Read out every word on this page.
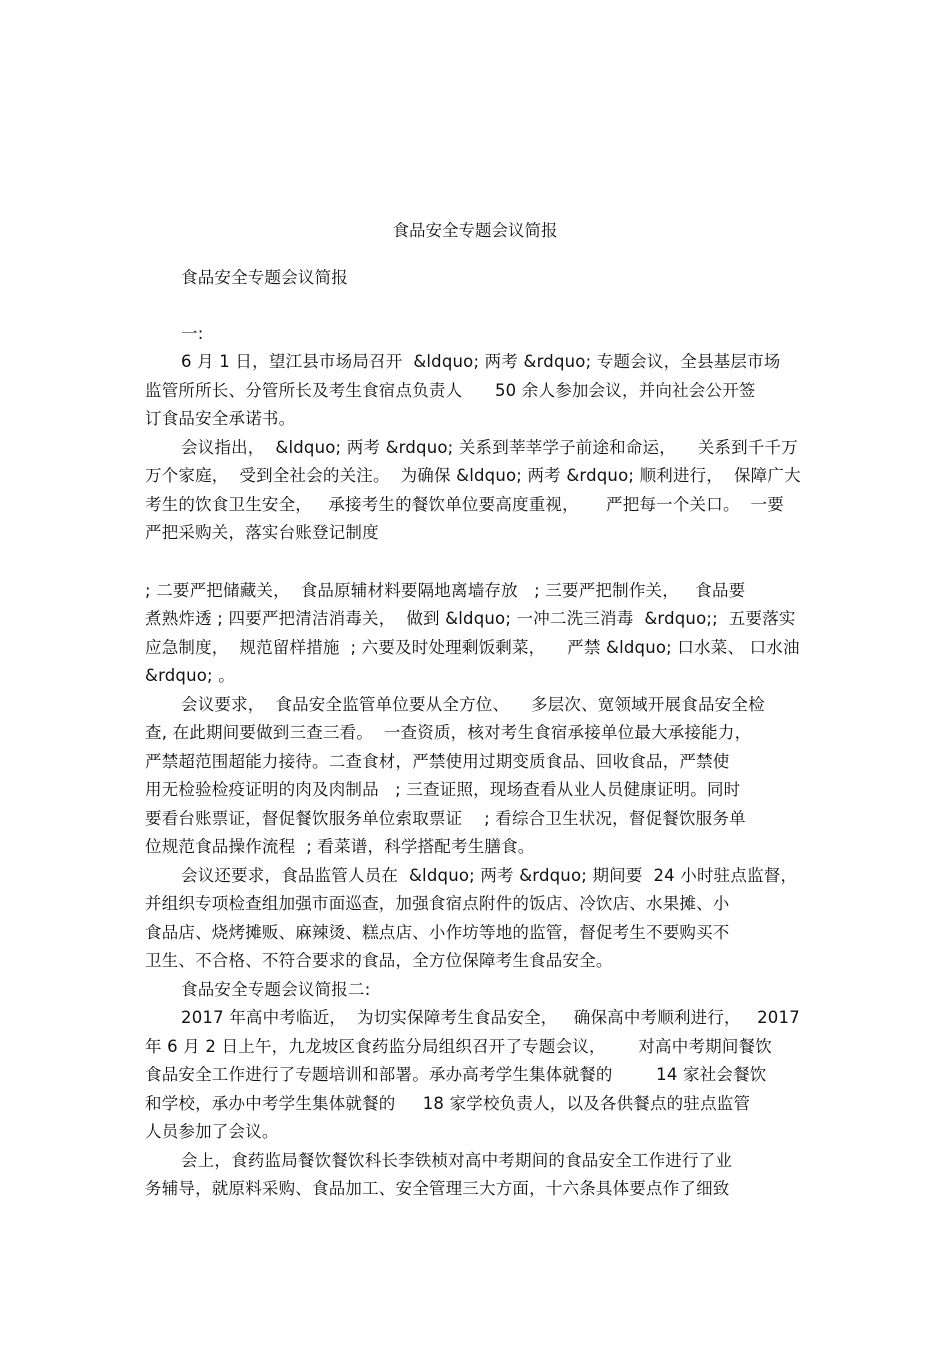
食品安全专题会议简报
食品安全专题会议简报
一:
6 月 1 日，望江县市场局召开  &ldquo; 两考 &rdquo; 专题会议，全县基层市场
监管所所长、分管所长及考生食宿点负责人      50 余人参加会议，并向社会公开签
订食品安全承诺书。
会议指出，  &ldquo; 两考 &rdquo; 关系到莘莘学子前途和命运，    关系到千千万
万个家庭，  受到全社会的关注。  为确保 &ldquo; 两考 &rdquo; 顺利进行，  保障广大
考生的饮食卫生安全，   承接考生的餐饮单位要高度重视，     严把每一个关口。  一要
严把采购关，落实台账登记制度
; 二要严把储藏关，  食品原辅材料要隔地离墙存放   ; 三要严把制作关，   食品要
煮熟炸透 ; 四要严把清洁消毒关，  做到 &ldquo; 一冲二洗三消毒  &rdquo;;  五要落实
应急制度，  规范留样措施  ; 六要及时处理剩饭剩菜，    严禁 &ldquo; 口水菜、 口水油
&rdquo; 。
会议要求，  食品安全监管单位要从全方位、    多层次、宽领域开展食品安全检
查, 在此期间要做到三查三看。  一查资质，核对考生食宿承接单位最大承接能力，
严禁超范围超能力接待。二查食材，严禁使用过期变质食品、回收食品，严禁使
用无检验检疫证明的肉及肉制品   ; 三查证照，现场查看从业人员健康证明。同时
要看台账票证，督促餐饮服务单位索取票证    ; 看综合卫生状况，督促餐饮服务单
位规范食品操作流程  ; 看菜谱，科学搭配考生膳食。
会议还要求，食品监管人员在  &ldquo; 两考 &rdquo; 期间要  24 小时驻点监督，
并组织专项检查组加强市面巡查，加强食宿点附件的饭店、冷饮店、水果摊、小
食品店、烧烤摊贩、麻辣烫、糕点店、小作坊等地的监管，督促考生不要购买不
卫生、不合格、不符合要求的食品，全方位保障考生食品安全。
食品安全专题会议简报二:
2017 年高中考临近，  为切实保障考生食品安全，   确保高中考顺利进行，   2017
年 6 月 2 日上午，九龙坡区食药监分局组织召开了专题会议，      对高中考期间餐饮
食品安全工作进行了专题培训和部署。承办高考学生集体就餐的        14 家社会餐饮
和学校，承办中考学生集体就餐的     18 家学校负责人，以及各供餐点的驻点监管
人员参加了会议。
会上，食药监局餐饮餐饮科长李铁桢对高中考期间的食品安全工作进行了业
务辅导，就原料采购、食品加工、安全管理三大方面，十六条具体要点作了细致
